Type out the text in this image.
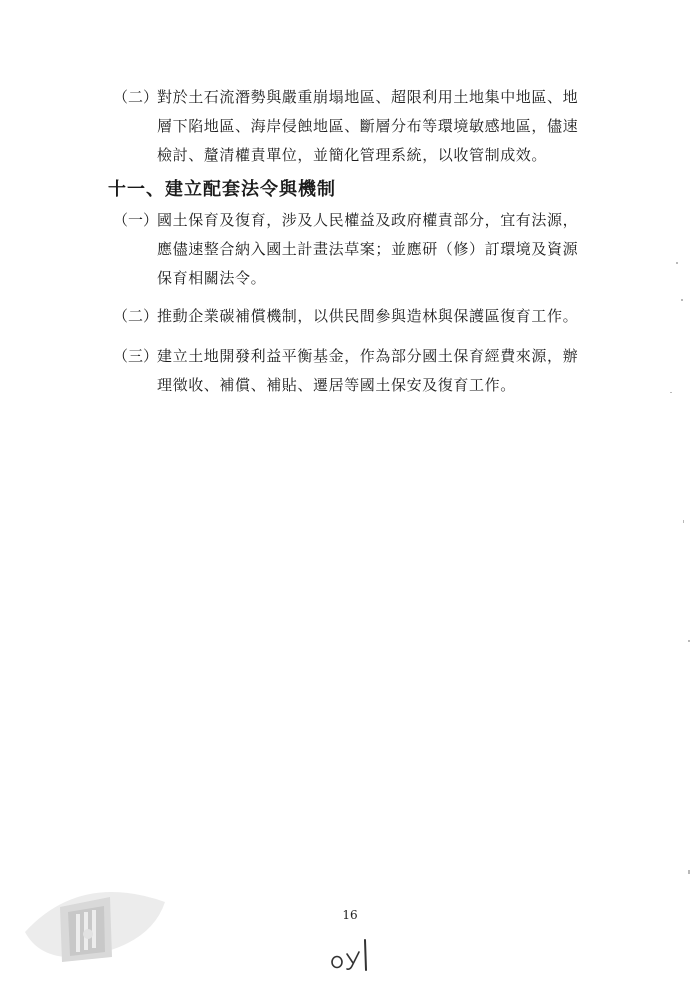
（二）對於土石流潛勢與嚴重崩塌地區、超限利用土地集中地區、地
層下陷地區、海岸侵蝕地區、斷層分布等環境敏感地區，儘速
檢討、釐清權責單位，並簡化管理系統，以收管制成效。
十一、建立配套法令與機制
（一）國土保育及復育，涉及人民權益及政府權責部分，宜有法源，
應儘速整合納入國土計畫法草案；並應研（修）訂環境及資源
保育相關法令。
（二）推動企業碳補償機制，以供民間參與造林與保護區復育工作。
（三）建立土地開發利益平衡基金，作為部分國土保育經費來源，辦
理徵收、補償、補貼、遷居等國土保安及復育工作。
16
